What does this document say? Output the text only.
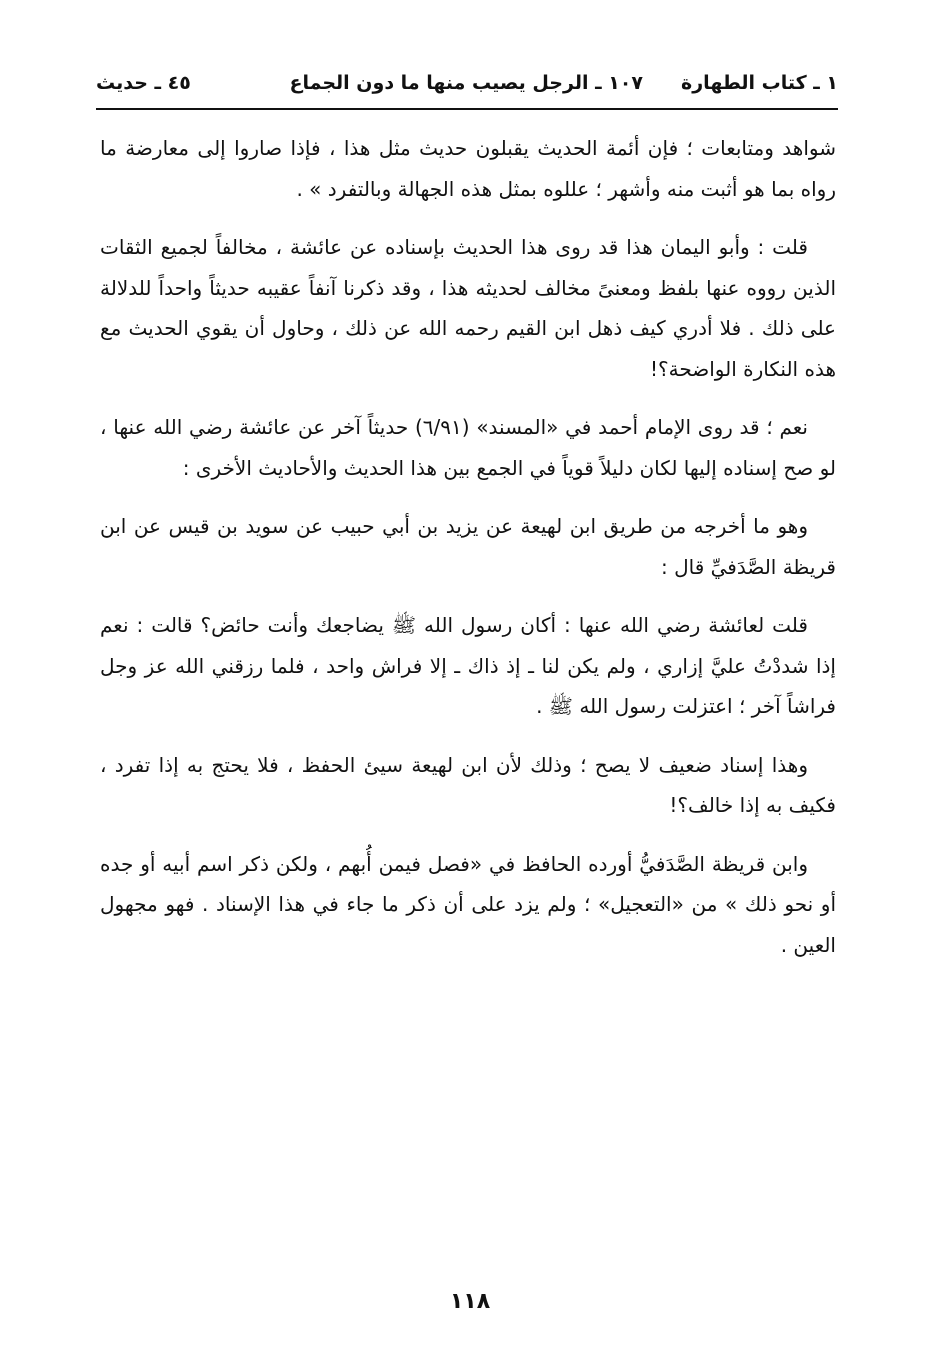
١ ـ كتاب الطهارة
١٠٧ ـ الرجل يصيب منها ما دون الجماع
٤٥ ـ حديث

شواهد ومتابعات ؛ فإن أئمة الحديث يقبلون حديث مثل هذا ، فإذا صاروا إلى معارضة ما رواه بما هو أثبت منه وأشهر ؛ عللوه بمثل هذه الجهالة وبالتفرد » .

قلت : وأبو اليمان هذا قد روى هذا الحديث بإسناده عن عائشة ، مخالفاً لجميع الثقات الذين رووه عنها بلفظ ومعنىً مخالف لحديثه هذا ، وقد ذكرنا آنفاً عقيبه حديثاً واحداً للدلالة على ذلك . فلا أدري كيف ذهل ابن القيم رحمه الله عن ذلك ، وحاول أن يقوي الحديث مع هذه النكارة الواضحة؟!

نعم ؛ قد روى الإمام أحمد في «المسند» (٦/٩١) حديثاً آخر عن عائشة رضي الله عنها ، لو صح إسناده إليها لكان دليلاً قوياً في الجمع بين هذا الحديث والأحاديث الأخرى :

وهو ما أخرجه من طريق ابن لهيعة عن يزيد بن أبي حبيب عن سويد بن قيس عن ابن قريظة الصَّدَفيِّ قال :

قلت لعائشة رضي الله عنها : أكان رسول الله ﷺ يضاجعك وأنت حائض؟ قالت : نعم إذا شددْتُ عليَّ إزاري ، ولم يكن لنا ـ إذ ذاك ـ إلا فراش واحد ، فلما رزقني الله عز وجل فراشاً آخر ؛ اعتزلت رسول الله ﷺ .

وهذا إسناد ضعيف لا يصح ؛ وذلك لأن ابن لهيعة سيئ الحفظ ، فلا يحتج به إذا تفرد ، فكيف به إذا خالف؟!

وابن قريظة الصَّدَفيُّ أورده الحافظ في «فصل فيمن أُبهم ، ولكن ذكر اسم أبيه أو جده أو نحو ذلك » من «التعجيل» ؛ ولم يزد على أن ذكر ما جاء في هذا الإسناد . فهو مجهول العين .

١١٨
